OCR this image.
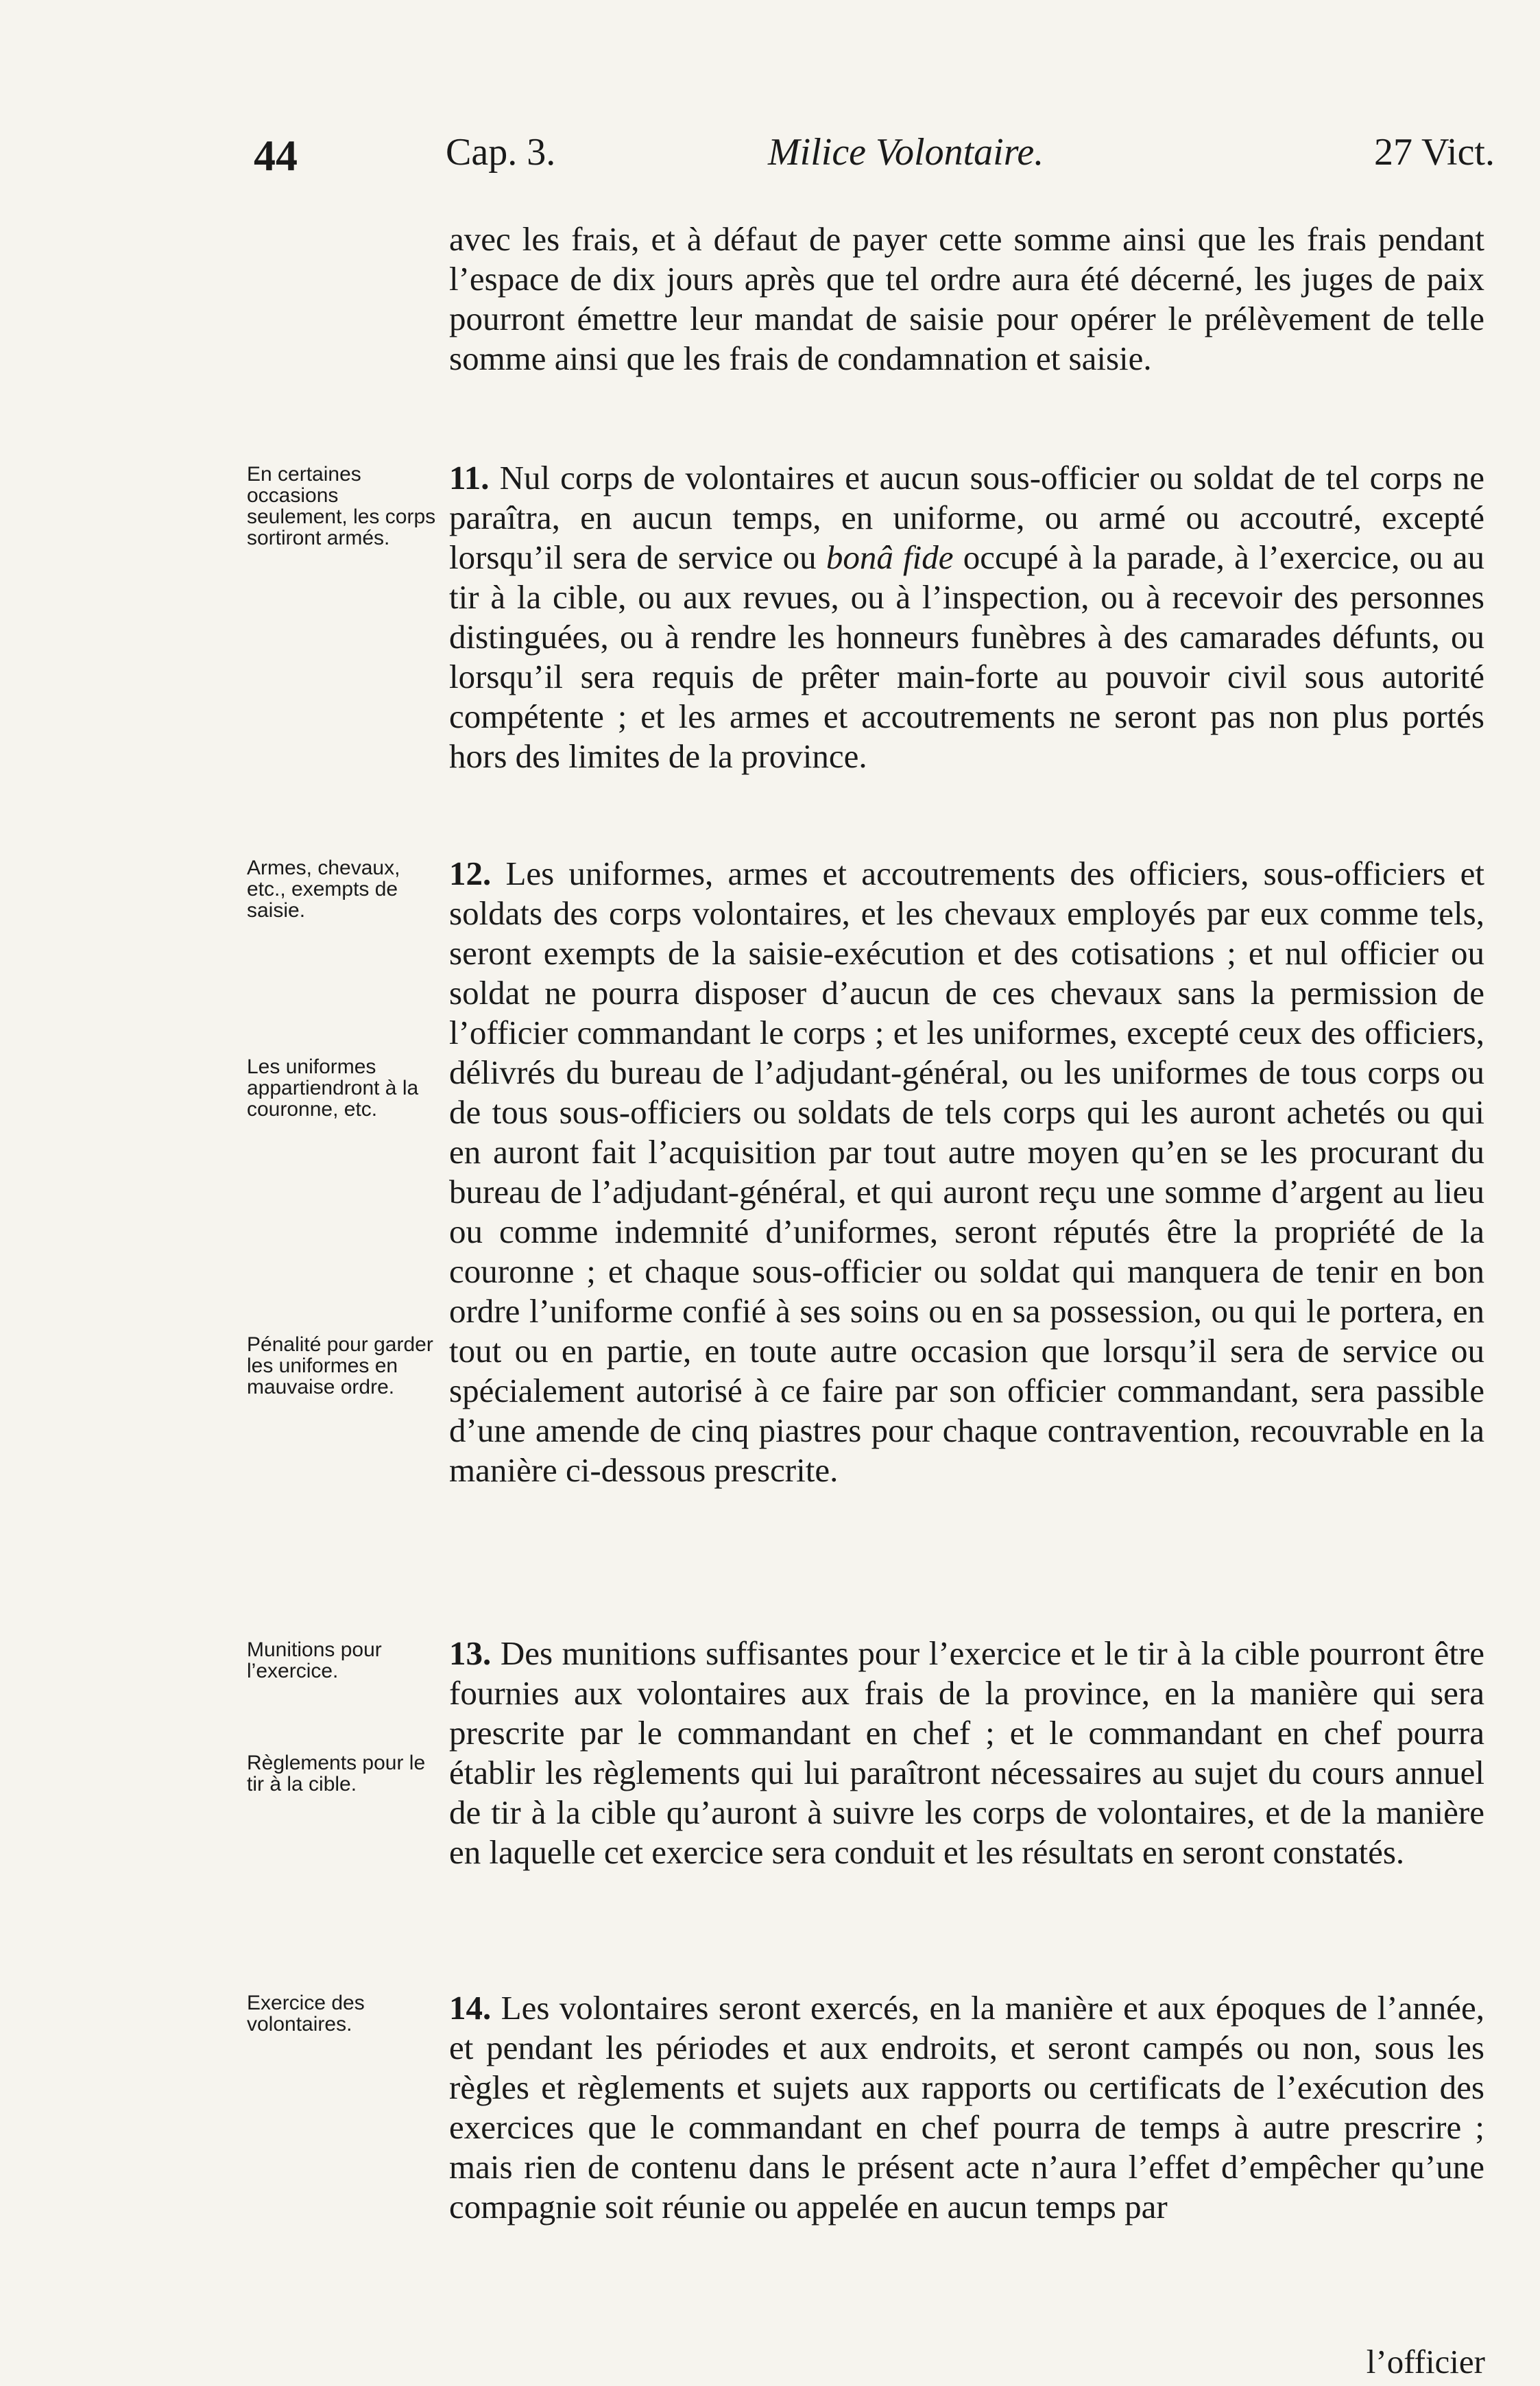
44	Cap. 3.	Milice Volontaire.	27 Vict.

avec les frais, et à défaut de payer cette somme ainsi que les frais pendant l’espace de dix jours après que tel ordre aura été décerné, les juges de paix pourront émettre leur mandat de saisie pour opérer le prélèvement de telle somme ainsi que les frais de condamnation et saisie.

11. Nul corps de volontaires et aucun sous-officier ou soldat de tel corps ne paraîtra, en aucun temps, en uniforme, ou armé ou accoutré, excepté lorsqu’il sera de service ou bonâ fide occupé à la parade, à l’exercice, ou au tir à la cible, ou aux revues, ou à l’inspection, ou à recevoir des personnes distinguées, ou à rendre les honneurs funèbres à des camarades défunts, ou lorsqu’il sera requis de prêter main-forte au pouvoir civil sous autorité compétente ; et les armes et accoutrements ne seront pas non plus portés hors des limites de la province.

12. Les uniformes, armes et accoutrements des officiers, sous-officiers et soldats des corps volontaires, et les chevaux employés par eux comme tels, seront exempts de la saisie-exécution et des cotisations ; et nul officier ou soldat ne pourra disposer d’aucun de ces chevaux sans la permission de l’officier commandant le corps ; et les uniformes, excepté ceux des officiers, délivrés du bureau de l’adjudant-général, ou les uniformes de tous corps ou de tous sous-officiers ou soldats de tels corps qui les auront achetés ou qui en auront fait l’acquisition par tout autre moyen qu’en se les procurant du bureau de l’adjudant-général, et qui auront reçu une somme d’argent au lieu ou comme indemnité d’uniformes, seront réputés être la propriété de la couronne ; et chaque sous-officier ou soldat qui manquera de tenir en bon ordre l’uniforme confié à ses soins ou en sa possession, ou qui le portera, en tout ou en partie, en toute autre occasion que lorsqu’il sera de service ou spécialement autorisé à ce faire par son officier commandant, sera passible d’une amende de cinq piastres pour chaque contravention, recouvrable en la manière ci-dessous prescrite.

13. Des munitions suffisantes pour l’exercice et le tir à la cible pourront être fournies aux volontaires aux frais de la province, en la manière qui sera prescrite par le commandant en chef ; et le commandant en chef pourra établir les règlements qui lui paraîtront nécessaires au sujet du cours annuel de tir à la cible qu’auront à suivre les corps de volontaires, et de la manière en laquelle cet exercice sera conduit et les résultats en seront constatés.

14. Les volontaires seront exercés, en la manière et aux époques de l’année, et pendant les périodes et aux endroits, et seront campés ou non, sous les règles et règlements et sujets aux rapports ou certificats de l’exécution des exercices que le commandant en chef pourra de temps à autre prescrire ; mais rien de contenu dans le présent acte n’aura l’effet d’empêcher qu’une compagnie soit réunie ou appelée en aucun temps par

l’officier

En certaines occasions seulement, les corps sortiront armés.

Armes, chevaux, etc., exempts de saisie.

Les uniformes appartiendront à la couronne, etc.

Pénalité pour garder les uniformes en mauvaise ordre.

Munitions pour l’exercice.

Règlements pour le tir à la cible.

Exercice des volontaires.
